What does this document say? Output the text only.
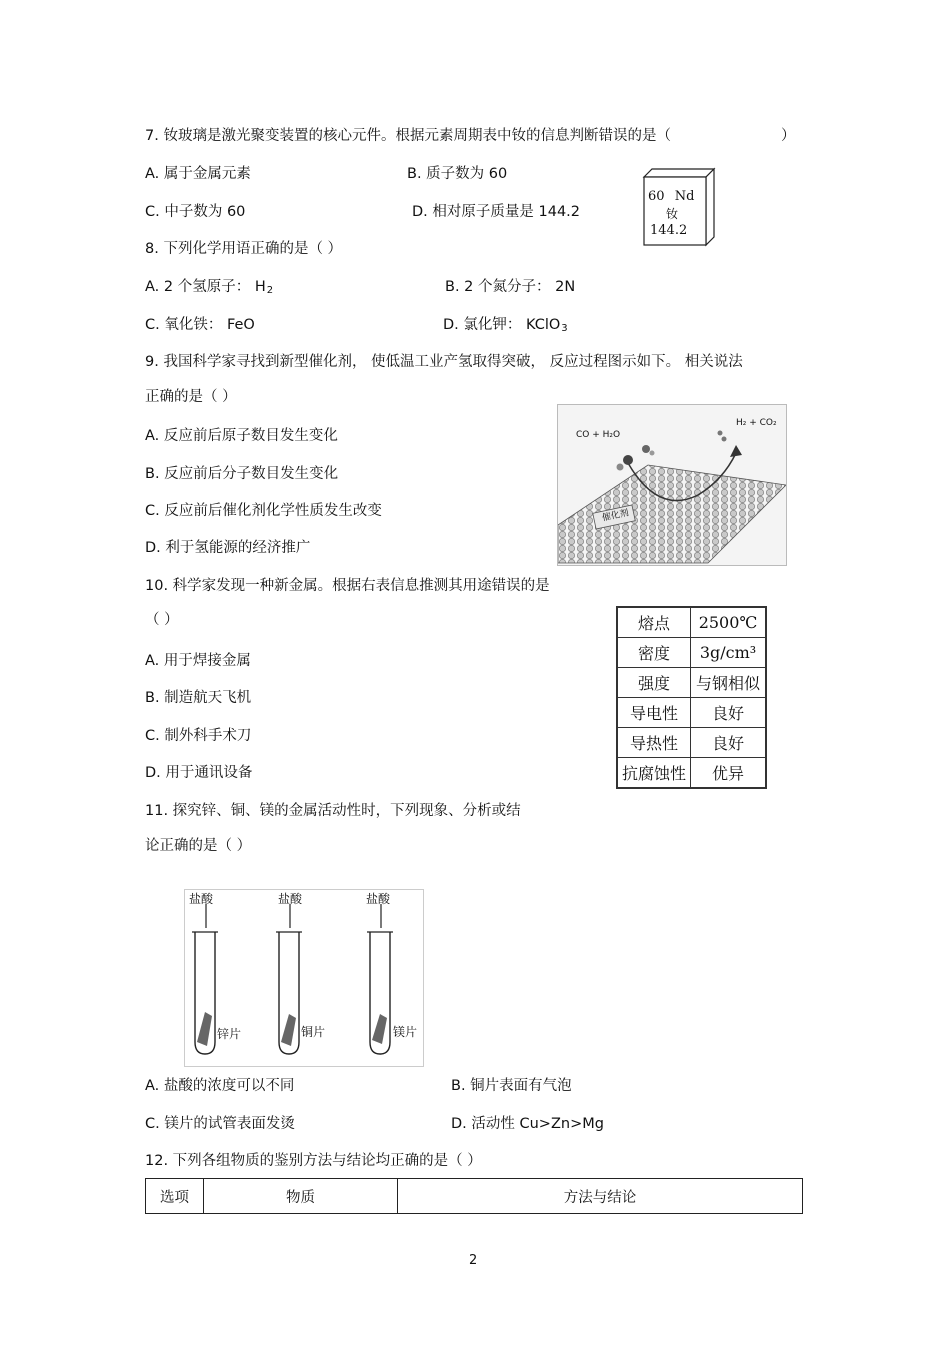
7. 钕玻璃是激光聚变装置的核心元件。根据元素周期表中钕的信息判断错误的是（	）
A. 属于金属元素	B. 质子数为 60
C. 中子数为 60	D. 相对原子质量是 144.2
60 Nd
钕
144.2
8. 下列化学用语正确的是（ ）
A. 2 个氢原子： H2	B. 2 个氮分子： 2N
C. 氧化铁： FeO	D. 氯化钾： KClO3
9. 我国科学家寻找到新型催化剂， 使低温工业产氢取得突破， 反应过程图示如下。 相关说法
正确的是（ ）
A. 反应前后原子数目发生变化
B. 反应前后分子数目发生变化
C. 反应前后催化剂化学性质发生改变
D. 利于氢能源的经济推广
CO + H₂O
H₂ + CO₂
催化剂
10. 科学家发现一种新金属。根据右表信息推测其用途错误的是
（ ）
A. 用于焊接金属
B. 制造航天飞机
C. 制外科手术刀
D. 用于通讯设备
熔点	2500℃
密度	3g/cm³
强度	与钢相似
导电性	良好
导热性	良好
抗腐蚀性	优异
11. 探究锌、铜、镁的金属活动性时，下列现象、分析或结
论正确的是（ ）
盐酸	盐酸	盐酸
锌片	铜片	镁片
A. 盐酸的浓度可以不同	B. 铜片表面有气泡
C. 镁片的试管表面发烫	D. 活动性 Cu>Zn>Mg
12. 下列各组物质的鉴别方法与结论均正确的是（ ）
选项	物质	方法与结论
2
